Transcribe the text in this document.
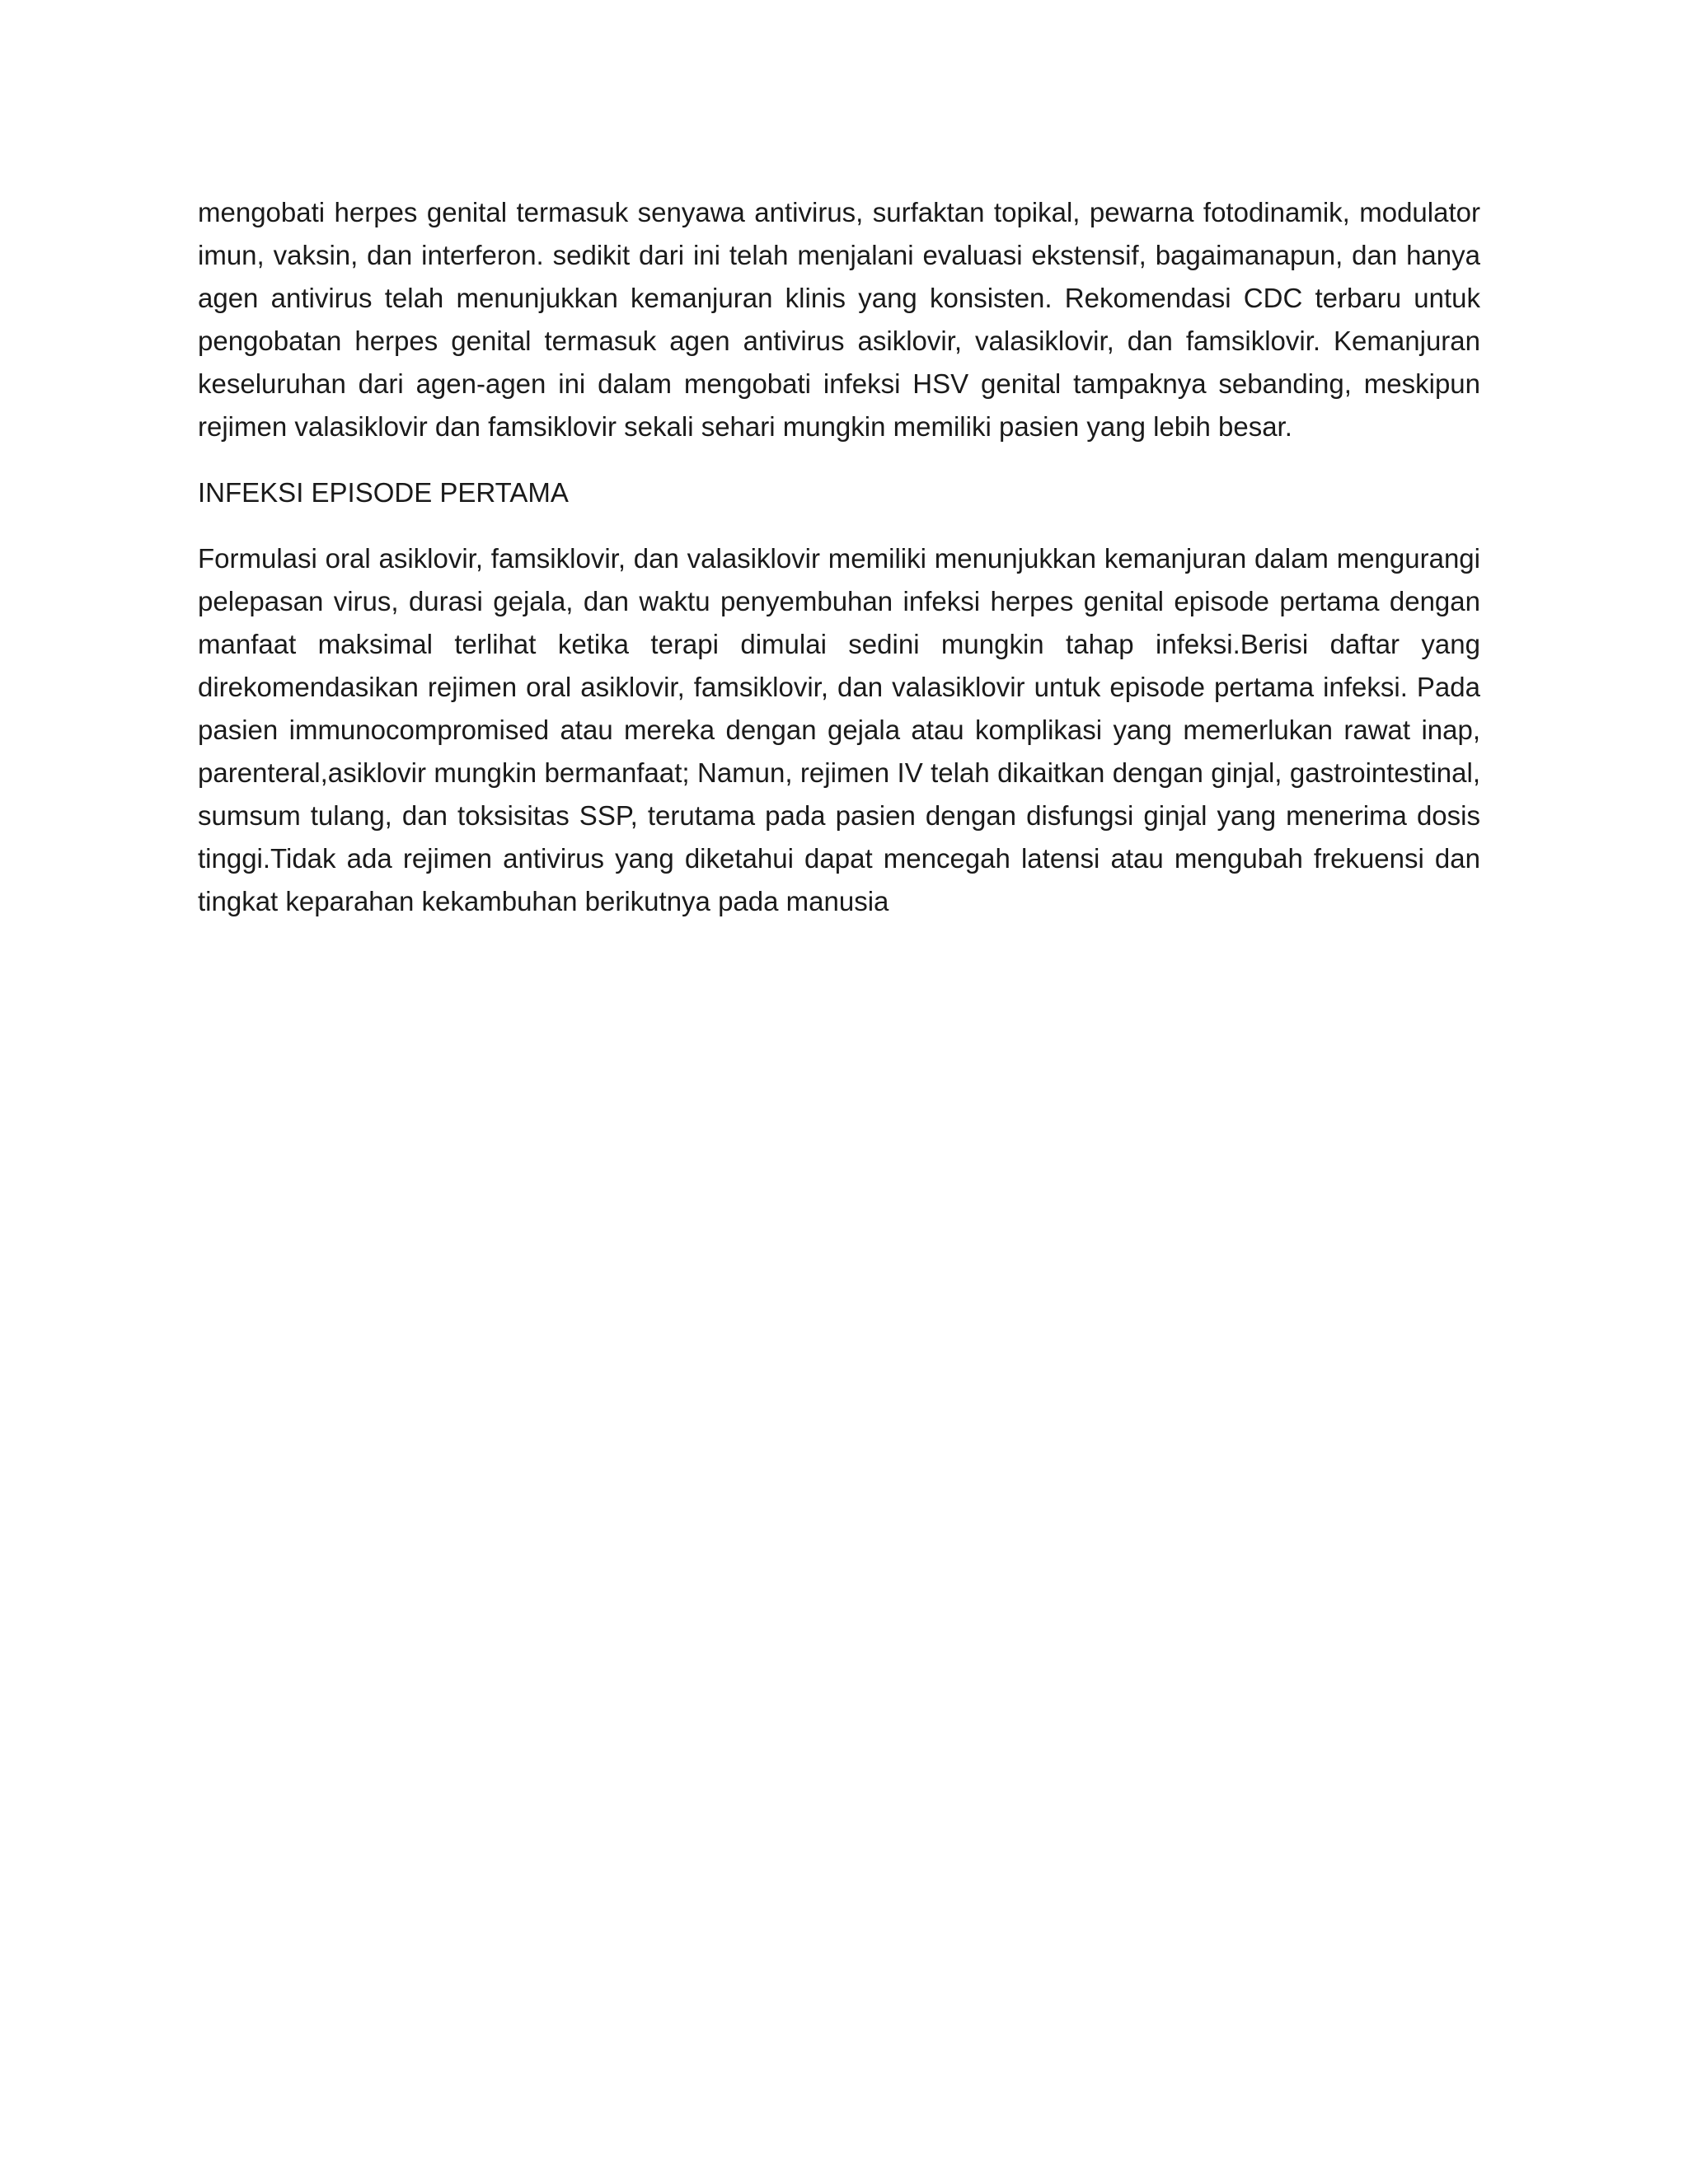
mengobati herpes genital termasuk senyawa antivirus, surfaktan topikal, pewarna fotodinamik, modulator imun, vaksin, dan interferon. sedikit dari ini telah menjalani evaluasi ekstensif, bagaimanapun, dan hanya agen antivirus telah menunjukkan kemanjuran klinis yang konsisten. Rekomendasi CDC terbaru untuk pengobatan herpes genital termasuk agen antivirus asiklovir, valasiklovir, dan famsiklovir. Kemanjuran keseluruhan dari agen-agen ini dalam mengobati infeksi HSV genital tampaknya sebanding, meskipun rejimen valasiklovir dan famsiklovir sekali sehari mungkin memiliki pasien yang lebih besar.

INFEKSI EPISODE PERTAMA

Formulasi oral asiklovir, famsiklovir, dan valasiklovir memiliki menunjukkan kemanjuran dalam mengurangi pelepasan virus, durasi gejala, dan waktu penyembuhan infeksi herpes genital episode pertama dengan manfaat maksimal terlihat ketika terapi dimulai sedini mungkin tahap infeksi.Berisi daftar yang direkomendasikan rejimen oral asiklovir, famsiklovir, dan valasiklovir untuk episode pertama infeksi. Pada pasien immunocompromised atau mereka dengan gejala atau komplikasi yang memerlukan rawat inap, parenteral,asiklovir mungkin bermanfaat; Namun, rejimen IV telah dikaitkan dengan ginjal, gastrointestinal, sumsum tulang, dan toksisitas SSP, terutama pada pasien dengan disfungsi ginjal yang menerima dosis tinggi.Tidak ada rejimen antivirus yang diketahui dapat mencegah latensi atau mengubah frekuensi dan tingkat keparahan kekambuhan berikutnya pada manusia
